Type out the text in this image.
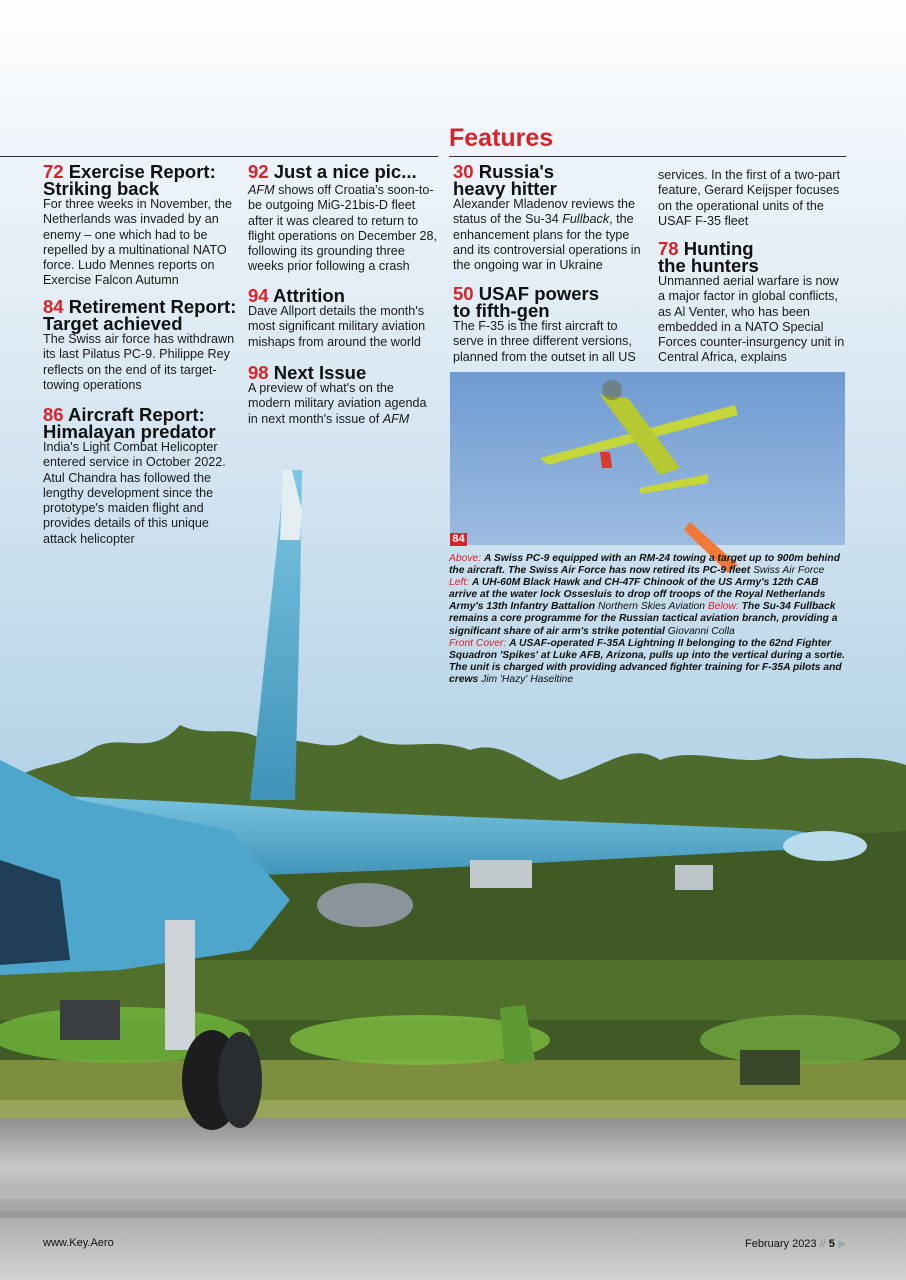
Features

72 Exercise Report:
Striking back

For three weeks in November, the Netherlands was invaded by an enemy – one which had to be repelled by a multinational NATO force. Ludo Mennes reports on Exercise Falcon Autumn

84 Retirement Report:
Target achieved

The Swiss air force has withdrawn its last Pilatus PC-9. Philippe Rey reflects on the end of its target-towing operations

86 Aircraft Report:
Himalayan predator

India's Light Combat Helicopter entered service in October 2022. Atul Chandra has followed the lengthy development since the prototype's maiden flight and provides details of this unique attack helicopter

92 Just a nice pic...

AFM shows off Croatia's soon-to-be outgoing MiG-21bis-D fleet after it was cleared to return to flight operations on December 28, following its grounding three weeks prior following a crash

94 Attrition

Dave Allport details the month's most significant military aviation mishaps from around the world

98 Next Issue

A preview of what's on the modern military aviation agenda in next month's issue of AFM

30 Russia's
heavy hitter

Alexander Mladenov reviews the status of the Su-34 Fullback, the enhancement plans for the type and its controversial operations in the ongoing war in Ukraine

50 USAF powers
to fifth-gen

The F-35 is the first aircraft to serve in three different versions, planned from the outset in all US

services. In the first of a two-part feature, Gerard Keijsper focuses on the operational units of the USAF F-35 fleet

78 Hunting
the hunters

Unmanned aerial warfare is now a major factor in global conflicts, as Al Venter, who has been embedded in a NATO Special Forces counter-insurgency unit in Central Africa, explains

84
Above: A Swiss PC-9 equipped with an RM-24 towing a target up to 900m behind the aircraft. The Swiss Air Force has now retired its PC-9 fleet Swiss Air Force
Left: A UH-60M Black Hawk and CH-47F Chinook of the US Army's 12th CAB arrive at the water lock Ossesluis to drop off troops of the Royal Netherlands Army's 13th Infantry Battalion Northern Skies Aviation Below: The Su-34 Fullback remains a core programme for the Russian tactical aviation branch, providing a significant share of air arm's strike potential Giovanni Colla
Front Cover: A USAF-operated F-35A Lightning II belonging to the 62nd Fighter Squadron 'Spikes' at Luke AFB, Arizona, pulls up into the vertical during a sortie. The unit is charged with providing advanced fighter training for F-35A pilots and crews Jim 'Hazy' Haseltine
www.Key.Aero	February 2023 // 5 ▶
